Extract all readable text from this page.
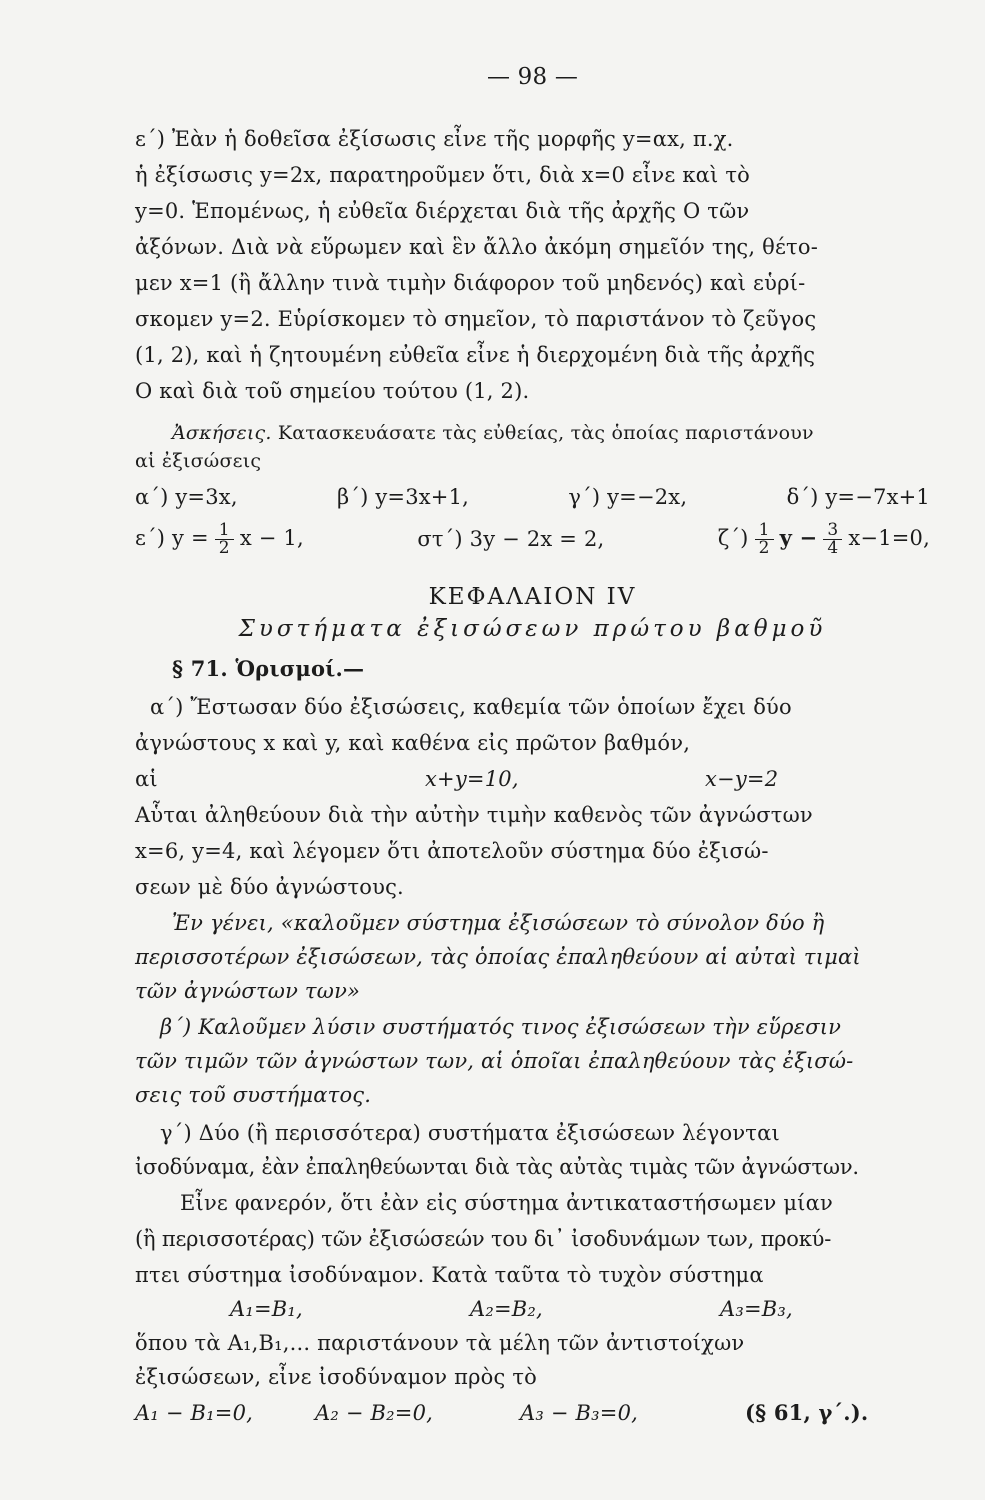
— 98 —
ε΄) Ἐὰν ἡ δοθεῖσα ἐξίσωσις εἶνε τῆς μορφῆς y=αx, π.χ.
ἡ ἐξίσωσις y=2x, παρατηροῦμεν ὅτι, διὰ x=0 εἶνε καὶ τὸ
y=0. Ἑπομένως, ἡ εὐθεῖα διέρχεται διὰ τῆς ἀρχῆς Ο τῶν
ἀξόνων. Διὰ νὰ εὕρωμεν καὶ ἓν ἄλλο ἀκόμη σημεῖόν της, θέτο-
μεν x=1 (ἢ ἄλλην τινὰ τιμὴν διάφορον τοῦ μηδενός) καὶ εὑρί-
σκομεν y=2. Εὑρίσκομεν τὸ σημεῖον, τὸ παριστάνον τὸ ζεῦγος
(1, 2), καὶ ἡ ζητουμένη εὐθεῖα εἶνε ἡ διερχομένη διὰ τῆς ἀρχῆς
Ο καὶ διὰ τοῦ σημείου τούτου (1, 2).
Ἀσκήσεις. Κατασκευάσατε τὰς εὐθείας, τὰς ὁποίας παριστάνουν
αἱ ἐξισώσεις
α΄) y=3x,	β΄) y=3x+1,	γ΄) y=−2x,	δ΄) y=−7x+1
ε΄) $y = \frac{1}{2}$ x − 1,	στ΄) 3y − 2x = 2,	$\zeta΄) \frac{1}{2}$ $y - \frac{3}{4} x-1=0$,
ΚΕΦΑΛΑΙΟΝ IV
Συστήματα ἐξισώσεων πρώτου βαθμοῦ
§ 71. Ὁρισμοί.—
α΄) Ἔστωσαν δύο ἐξισώσεις, καθεμία τῶν ὁποίων ἔχει δύο
ἀγνώστους x καὶ y, καὶ καθένα εἰς πρῶτον βαθμόν,
αἱ	x+y=10,	x−y=2
Αὗται ἀληθεύουν διὰ τὴν αὐτὴν τιμὴν καθενὸς τῶν ἀγνώστων
x=6, y=4, καὶ λέγομεν ὅτι ἀποτελοῦν σύστημα δύο ἐξισώ-
σεων μὲ δύο ἀγνώστους.
Ἐν γένει, «καλοῦμεν σύστημα ἐξισώσεων τὸ σύνολον δύο ἢ
περισσοτέρων ἐξισώσεων, τὰς ὁποίας ἐπαληθεύουν αἱ αὐταὶ τιμαὶ
τῶν ἀγνώστων των»
β΄) Καλοῦμεν λύσιν συστήματός τινος ἐξισώσεων τὴν εὕρεσιν
τῶν τιμῶν τῶν ἀγνώστων των, αἱ ὁποῖαι ἐπαληθεύουν τὰς ἐξισώ-
σεις τοῦ συστήματος.
γ΄) Δύο (ἢ περισσότερα) συστήματα ἐξισώσεων λέγονται
ἰσοδύναμα, ἐὰν ἐπαληθεύωνται διὰ τὰς αὐτὰς τιμὰς τῶν ἀγνώστων.
Εἶνε φανερόν, ὅτι ἐὰν εἰς σύστημα ἀντικαταστήσωμεν μίαν
(ἢ περισσοτέρας) τῶν ἐξισώσεών του δι᾽ ἰσοδυνάμων των, προκύ-
πτει σύστημα ἰσοδύναμον. Κατὰ ταῦτα τὸ τυχὸν σύστημα
A₁=B₁,	A₂=B₂,	A₃=B₃,
ὅπου τὰ A₁,B₁,... παριστάνουν τὰ μέλη τῶν ἀντιστοίχων
ἐξισώσεων, εἶνε ἰσοδύναμον πρὸς τὸ
A₁ − B₁=0,	A₂ − B₂=0,	A₃ − B₃=0,	(§ 61, γ΄.).
